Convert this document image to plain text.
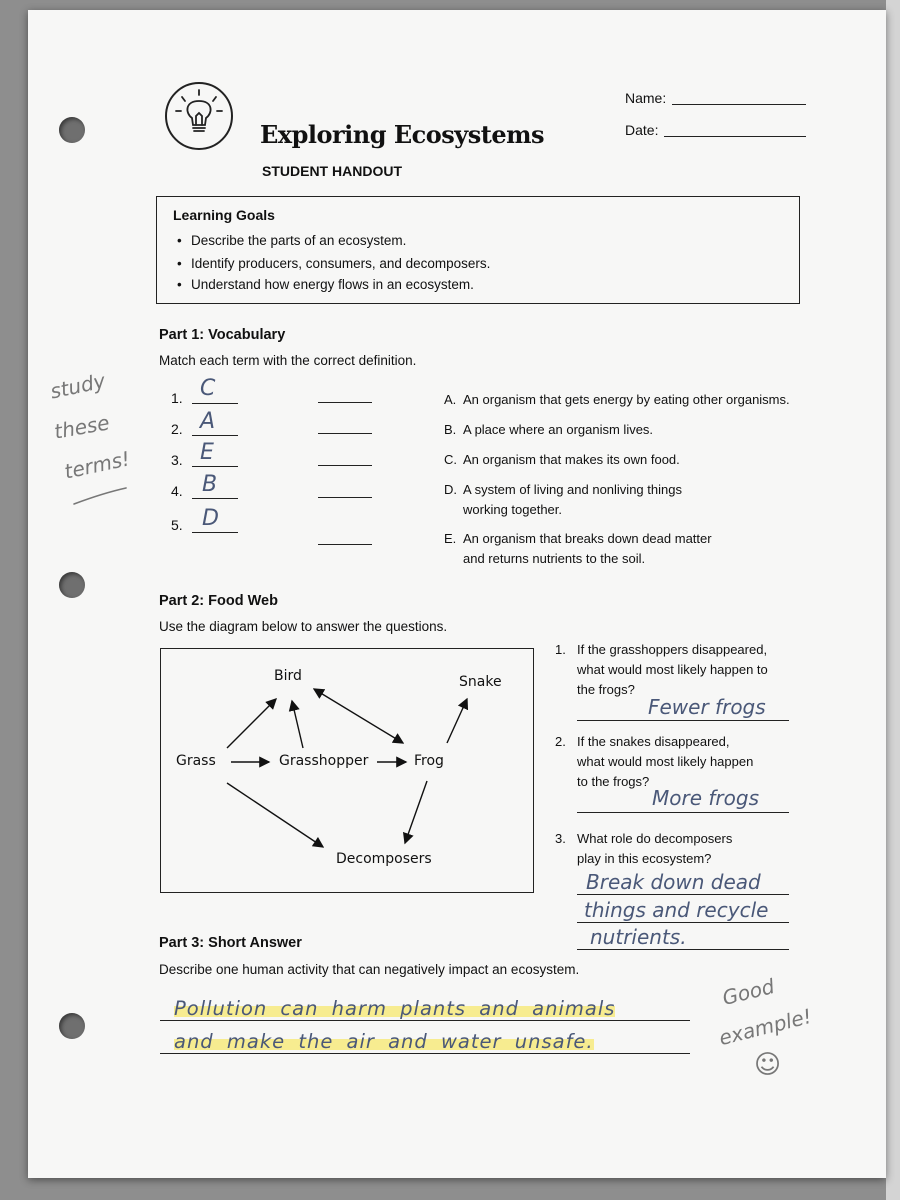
Exploring Ecosystems
STUDENT HANDOUT
Name:
Date:
Learning Goals
• Describe the parts of an ecosystem.
• Identify producers, consumers, and decomposers.
• Understand how energy flows in an ecosystem.
Part 1: Vocabulary
Match each term with the correct definition.
1. C
2. A
3. E
4. B
5. D
A. An organism that gets energy by eating other organisms.
B. A place where an organism lives.
C. An organism that makes its own food.
D. A system of living and nonliving things
working together.
E. An organism that breaks down dead matter
and returns nutrients to the soil.
study
these
terms!
Part 2: Food Web
Use the diagram below to answer the questions.
Bird	Snake
Grass	Grasshopper	Frog
Decomposers
1. If the grasshoppers disappeared,
what would most likely happen to
the frogs?
Fewer frogs
2. If the snakes disappeared,
what would most likely happen
to the frogs?
More frogs
3. What role do decomposers
play in this ecosystem?
Break down dead
things and recycle
nutrients.
Part 3: Short Answer
Describe one human activity that can negatively impact an ecosystem.
Pollution can harm plants and animals
and make the air and water unsafe.
Good
example!
☺
